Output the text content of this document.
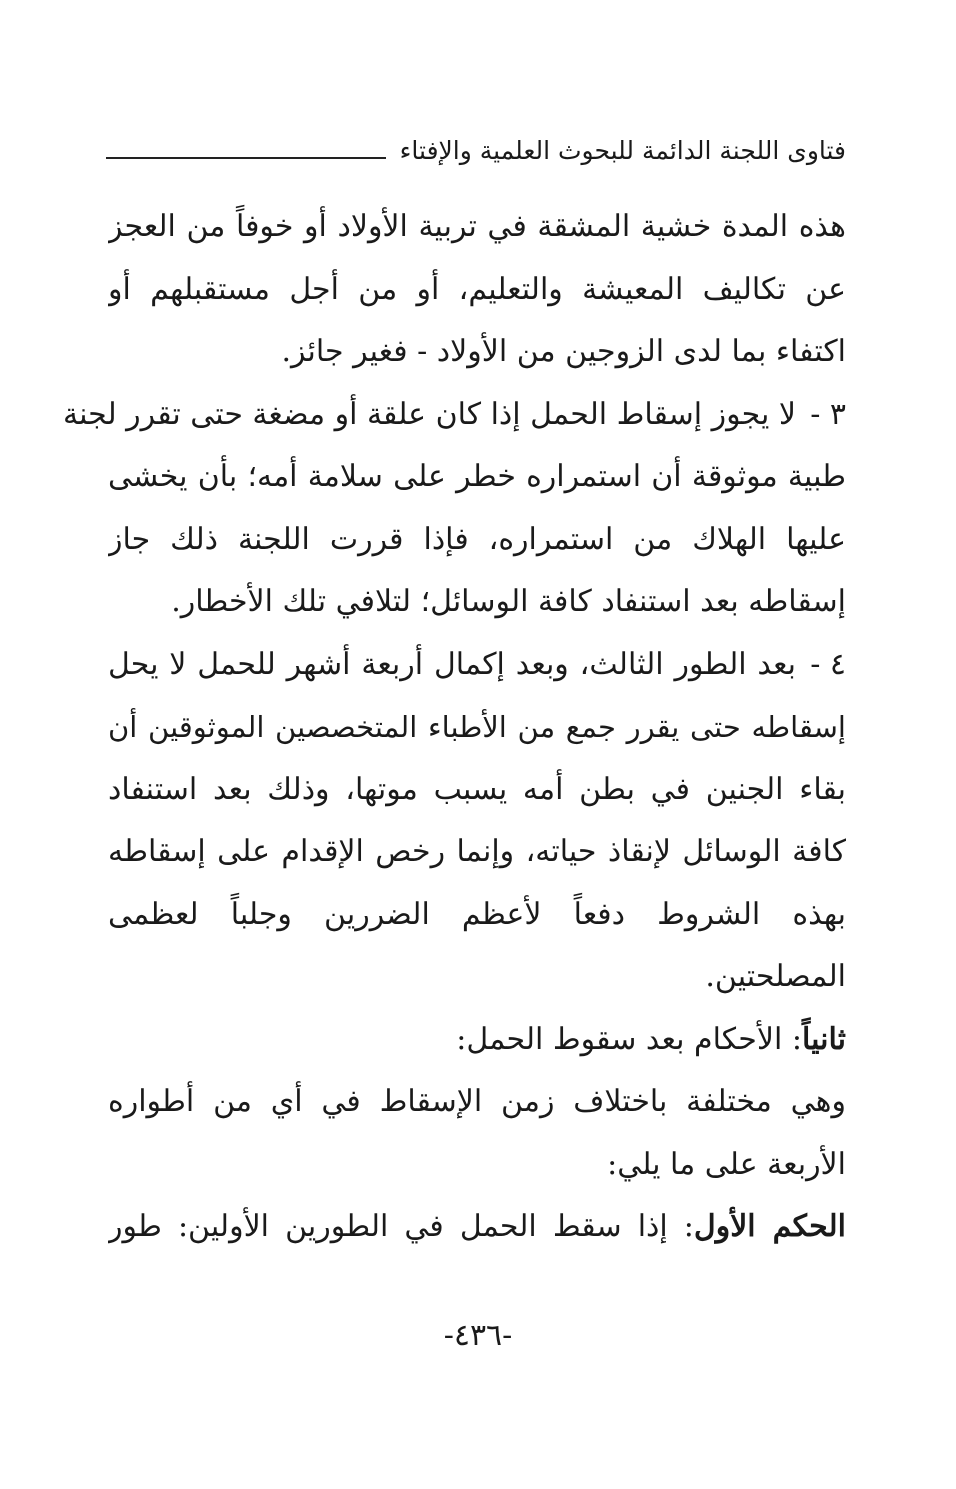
فتاوى اللجنة الدائمة للبحوث العلمية والإفتاء
هذه المدة خشية المشقة في تربية الأولاد أو خوفاً من العجز
عن تكاليف المعيشة والتعليم، أو من أجل مستقبلهم أو
اكتفاء بما لدى الزوجين من الأولاد - فغير جائز.
٣ -
لا يجوز إسقاط الحمل إذا كان علقة أو مضغة حتى تقرر لجنة
طبية موثوقة أن استمراره خطر على سلامة أمه؛ بأن يخشى
عليها الهلاك من استمراره، فإذا قررت اللجنة ذلك جاز
إسقاطه بعد استنفاد كافة الوسائل؛ لتلافي تلك الأخطار.
٤ -
بعد الطور الثالث، وبعد إكمال أربعة أشهر للحمل لا يحل
إسقاطه حتى يقرر جمع من الأطباء المتخصصين الموثوقين أن
بقاء الجنين في بطن أمه يسبب موتها، وذلك بعد استنفاد
كافة الوسائل لإنقاذ حياته، وإنما رخص الإقدام على إسقاطه
بهذه الشروط دفعاً لأعظم الضررين وجلباً لعظمى
المصلحتين.
ثانياً: الأحكام بعد سقوط الحمل:
وهي مختلفة باختلاف زمن الإسقاط في أي من أطواره
الأربعة على ما يلي:
الحكم الأول: إذا سقط الحمل في الطورين الأولين: طور
-٤٣٦-
